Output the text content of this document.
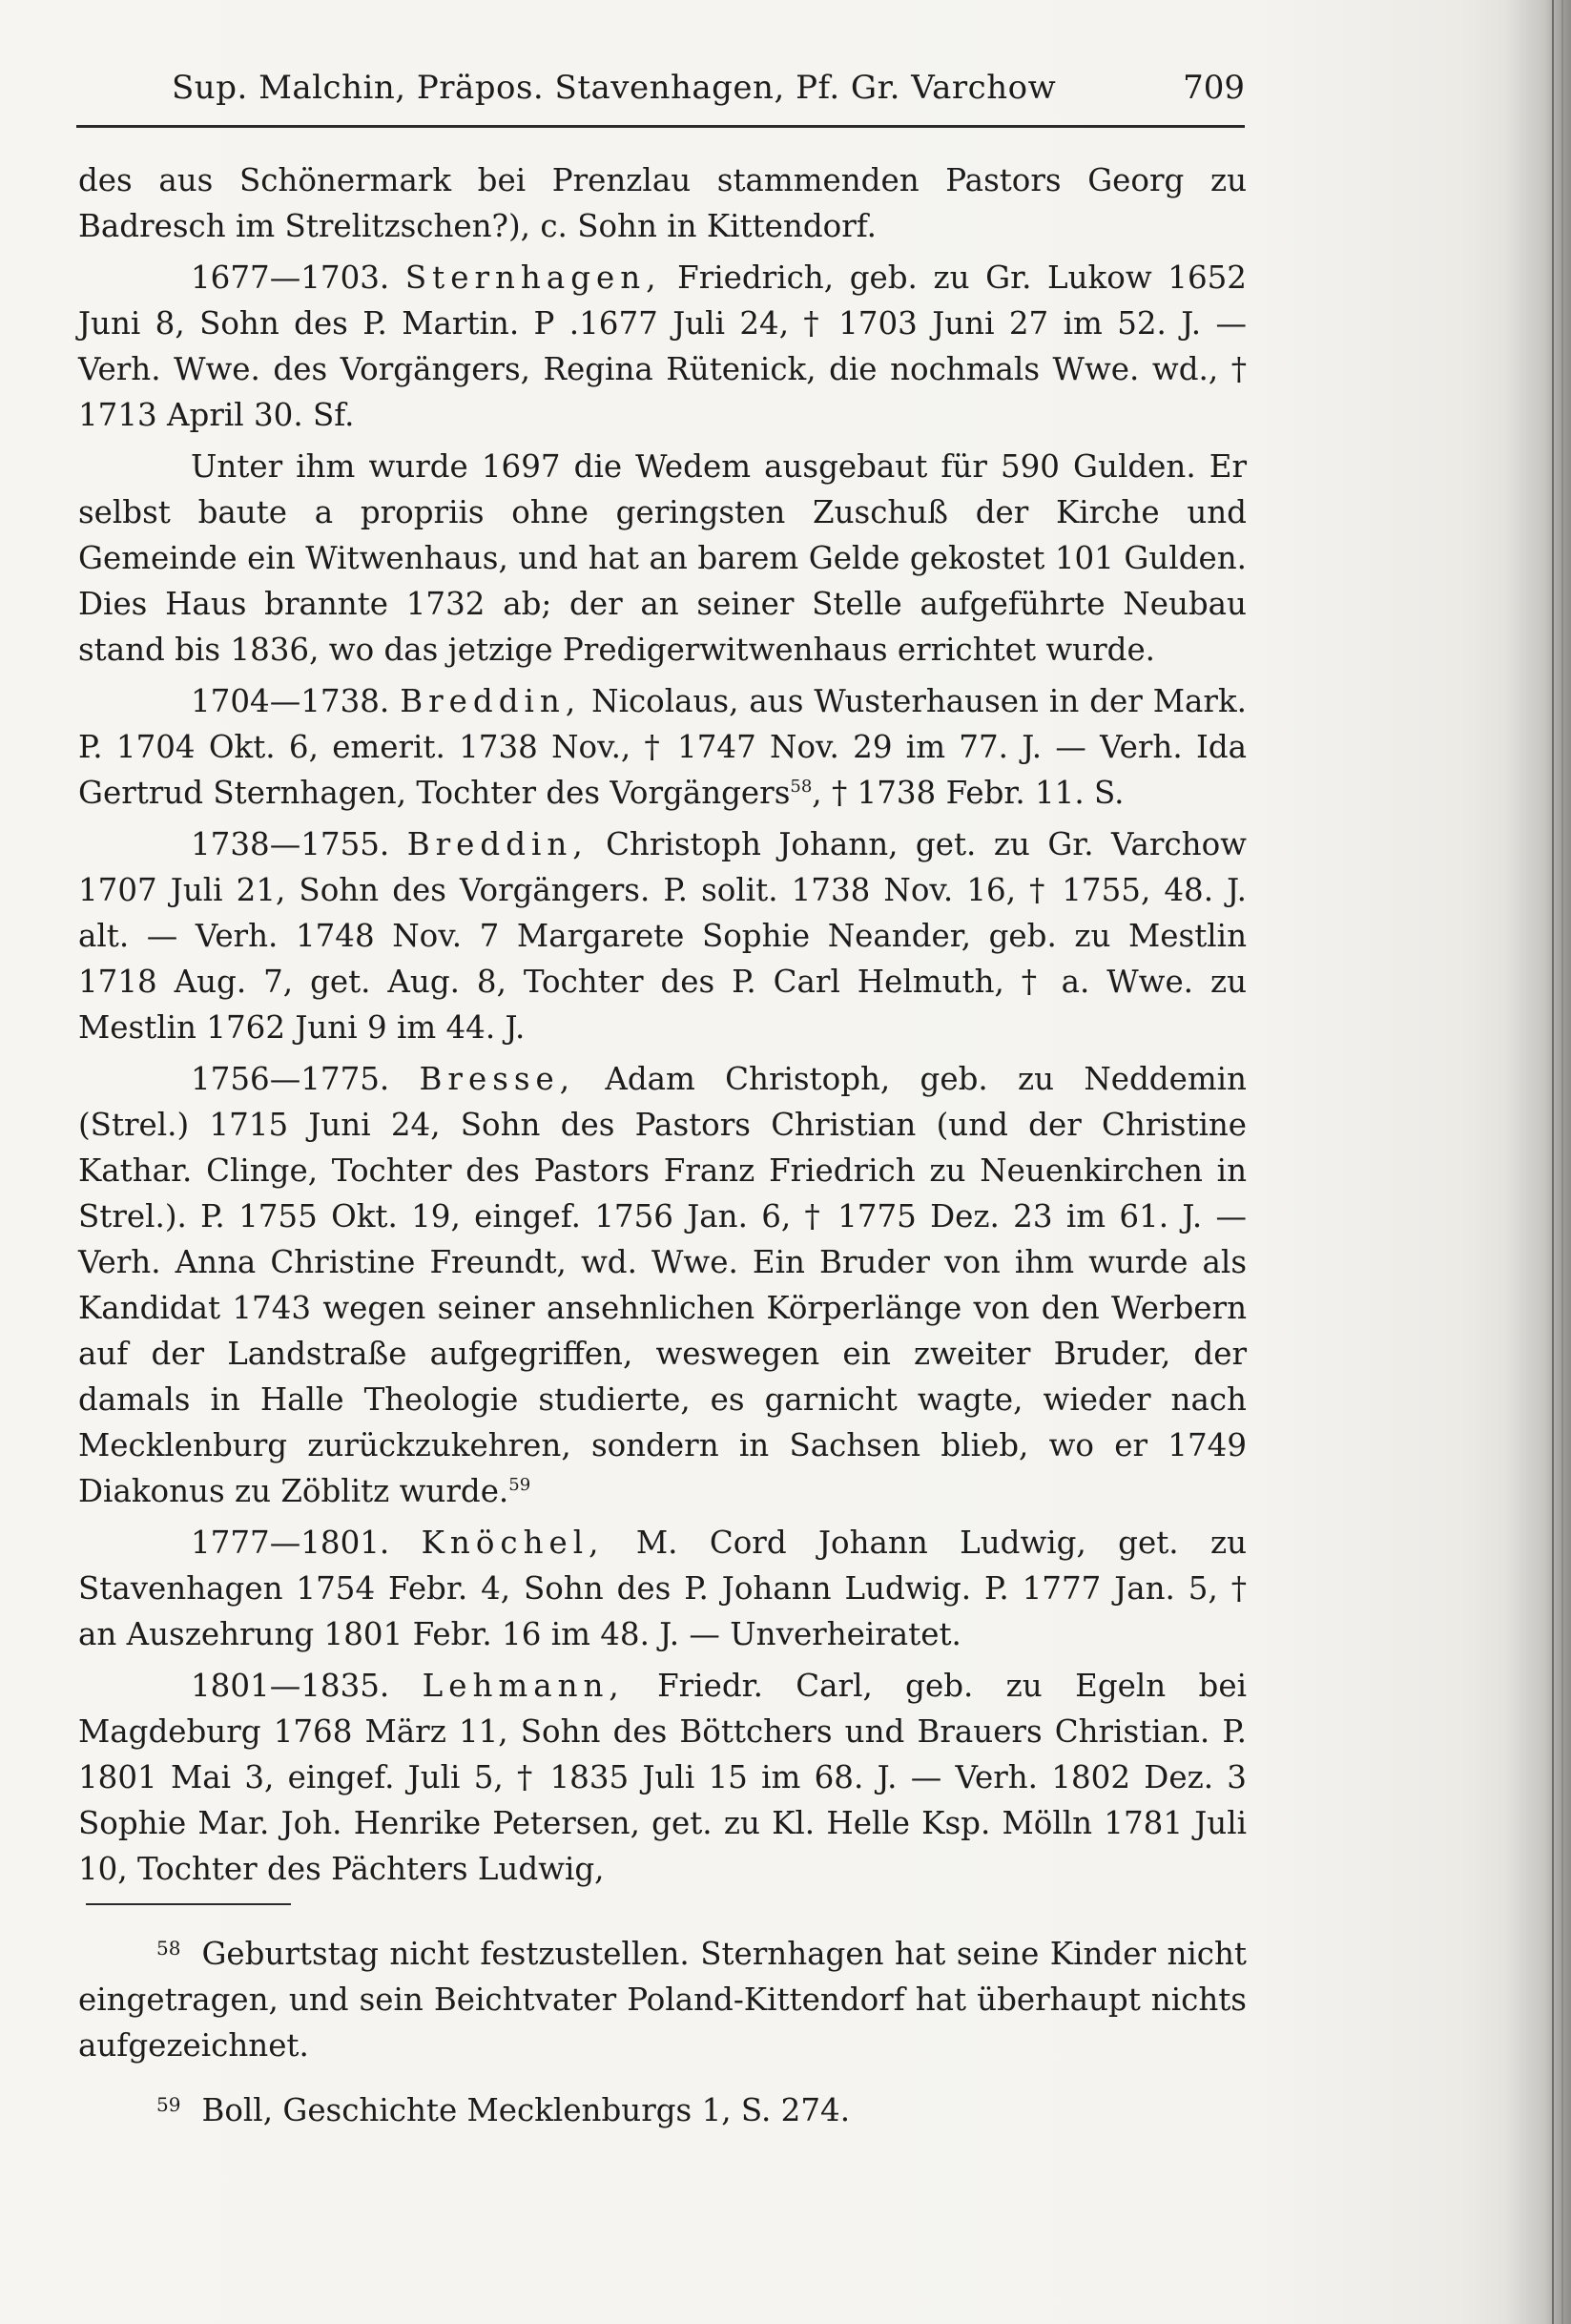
Sup. Malchin, Präpos. Stavenhagen, Pf. Gr. Varchow	709

des aus Schönermark bei Prenzlau stammenden Pastors Georg zu Badresch im Strelitzschen?), c. Sohn in Kittendorf.

1677—1703. Sternhagen, Friedrich, geb. zu Gr. Lukow 1652 Juni 8, Sohn des P. Martin. P .1677 Juli 24, † 1703 Juni 27 im 52. J. — Verh. Wwe. des Vorgängers, Regina Rütenick, die nochmals Wwe. wd., † 1713 April 30. Sf.

Unter ihm wurde 1697 die Wedem ausgebaut für 590 Gulden. Er selbst baute a propriis ohne geringsten Zuschuß der Kirche und Gemeinde ein Witwenhaus, und hat an barem Gelde gekostet 101 Gulden. Dies Haus brannte 1732 ab; der an seiner Stelle aufgeführte Neubau stand bis 1836, wo das jetzige Predigerwitwenhaus errichtet wurde.

1704—1738. Breddin, Nicolaus, aus Wusterhausen in der Mark. P. 1704 Okt. 6, emerit. 1738 Nov., † 1747 Nov. 29 im 77. J. — Verh. Ida Gertrud Sternhagen, Tochter des Vorgängers$^{58}$, † 1738 Febr. 11. S.

1738—1755. Breddin, Christoph Johann, get. zu Gr. Varchow 1707 Juli 21, Sohn des Vorgängers. P. solit. 1738 Nov. 16, † 1755, 48. J. alt. — Verh. 1748 Nov. 7 Margarete Sophie Neander, geb. zu Mestlin 1718 Aug. 7, get. Aug. 8, Tochter des P. Carl Helmuth, † a. Wwe. zu Mestlin 1762 Juni 9 im 44. J.

1756—1775. Bresse, Adam Christoph, geb. zu Neddemin (Strel.) 1715 Juni 24, Sohn des Pastors Christian (und der Christine Kathar. Clinge, Tochter des Pastors Franz Friedrich zu Neuenkirchen in Strel.). P. 1755 Okt. 19, eingef. 1756 Jan. 6, † 1775 Dez. 23 im 61. J. — Verh. Anna Christine Freundt, wd. Wwe. Ein Bruder von ihm wurde als Kandidat 1743 wegen seiner ansehnlichen Körperlänge von den Werbern auf der Landstraße aufgegriffen, weswegen ein zweiter Bruder, der damals in Halle Theologie studierte, es garnicht wagte, wieder nach Mecklenburg zurückzukehren, sondern in Sachsen blieb, wo er 1749 Diakonus zu Zöblitz wurde.$^{59}$

1777—1801. Knöchel, M. Cord Johann Ludwig, get. zu Stavenhagen 1754 Febr. 4, Sohn des P. Johann Ludwig. P. 1777 Jan. 5, † an Auszehrung 1801 Febr. 16 im 48. J. — Unverheiratet.

1801—1835. Lehmann, Friedr. Carl, geb. zu Egeln bei Magdeburg 1768 März 11, Sohn des Böttchers und Brauers Christian. P. 1801 Mai 3, eingef. Juli 5, † 1835 Juli 15 im 68. J. — Verh. 1802 Dez. 3 Sophie Mar. Joh. Henrike Petersen, get. zu Kl. Helle Ksp. Mölln 1781 Juli 10, Tochter des Pächters Ludwig,

$^{58}$ Geburtstag nicht festzustellen. Sternhagen hat seine Kinder nicht eingetragen, und sein Beichtvater Poland-Kittendorf hat überhaupt nichts aufgezeichnet.

$^{59}$ Boll, Geschichte Mecklenburgs 1, S. 274.
